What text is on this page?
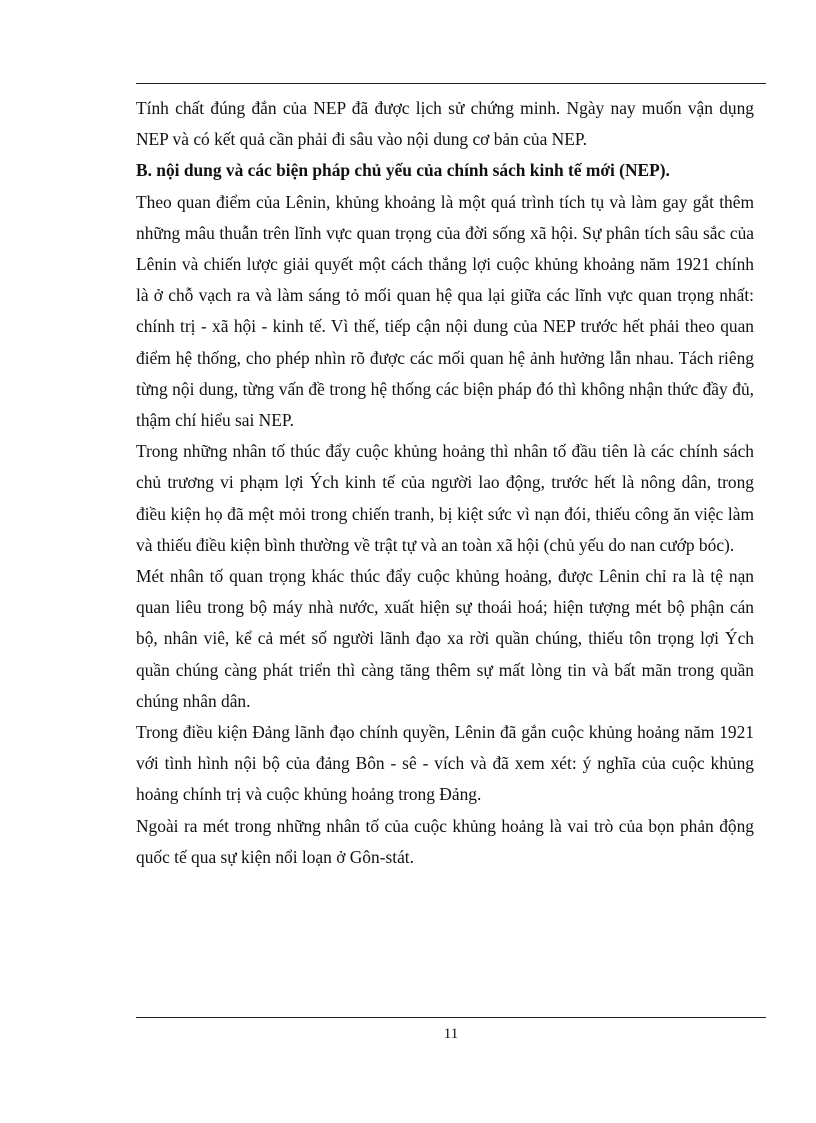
Tính chất đúng đắn của NEP đã được lịch sử chứng minh. Ngày nay muốn vận dụng NEP và có kết quả cần phải đi sâu vào nội dung cơ bản của NEP.

B. nội dung và các biện pháp chủ yếu của chính sách kinh tế mới (NEP).

Theo quan điểm của Lênin, khủng khoảng là một quá trình tích tụ và làm gay gắt thêm những mâu thuẫn trên lĩnh vực quan trọng của đời sống xã hội. Sự phân tích sâu sắc của Lênin và chiến lược giải quyết một cách thắng lợi cuộc khủng khoảng năm 1921 chính là ở chỗ vạch ra và làm sáng tỏ mối quan hệ qua lại giữa các lĩnh vực quan trọng nhất: chính trị - xã hội - kinh tế. Vì thế, tiếp cận nội dung của NEP trước hết phải theo quan điểm hệ thống, cho phép nhìn rõ được các mối quan hệ ảnh hưởng lẫn nhau. Tách riêng từng nội dung, từng vấn đề trong hệ thống các biện pháp đó thì không nhận thức đầy đủ, thậm chí hiểu sai NEP.

Trong những nhân tố thúc đẩy cuộc khủng hoảng thì nhân tố đầu tiên là các chính sách chủ trương vi phạm lợi Ých kinh tế của người lao động, trước hết là nông dân, trong điều kiện họ đã mệt mỏi trong chiến tranh, bị kiệt sức vì nạn đói, thiếu công ăn việc làm và thiếu điều kiện bình thường về trật tự và an toàn xã hội (chủ yếu do nan cướp bóc).

Mét nhân tố quan trọng khác thúc đẩy cuộc khủng hoảng, được Lênin chỉ ra là tệ nạn quan liêu trong bộ máy nhà nước, xuất hiện sự thoái hoá; hiện tượng mét bộ phận cán bộ, nhân viê, kể cả mét số người lãnh đạo xa rời quần chúng, thiếu tôn trọng lợi Ých quần chúng càng phát triển thì càng tăng thêm sự mất lòng tin và bất mãn trong quần chúng nhân dân.

Trong điều kiện Đảng lãnh đạo chính quyền, Lênin đã gắn cuộc khủng hoảng năm 1921 với tình hình nội bộ của đảng Bôn - sê - vích và đã xem xét: ý nghĩa của cuộc khủng hoảng chính trị và cuộc khủng hoảng trong Đảng.

Ngoài ra mét trong những nhân tố của cuộc khủng hoảng là vai trò của bọn phản động quốc tế qua sự kiện nổi loạn ở Gôn-stát.

11
